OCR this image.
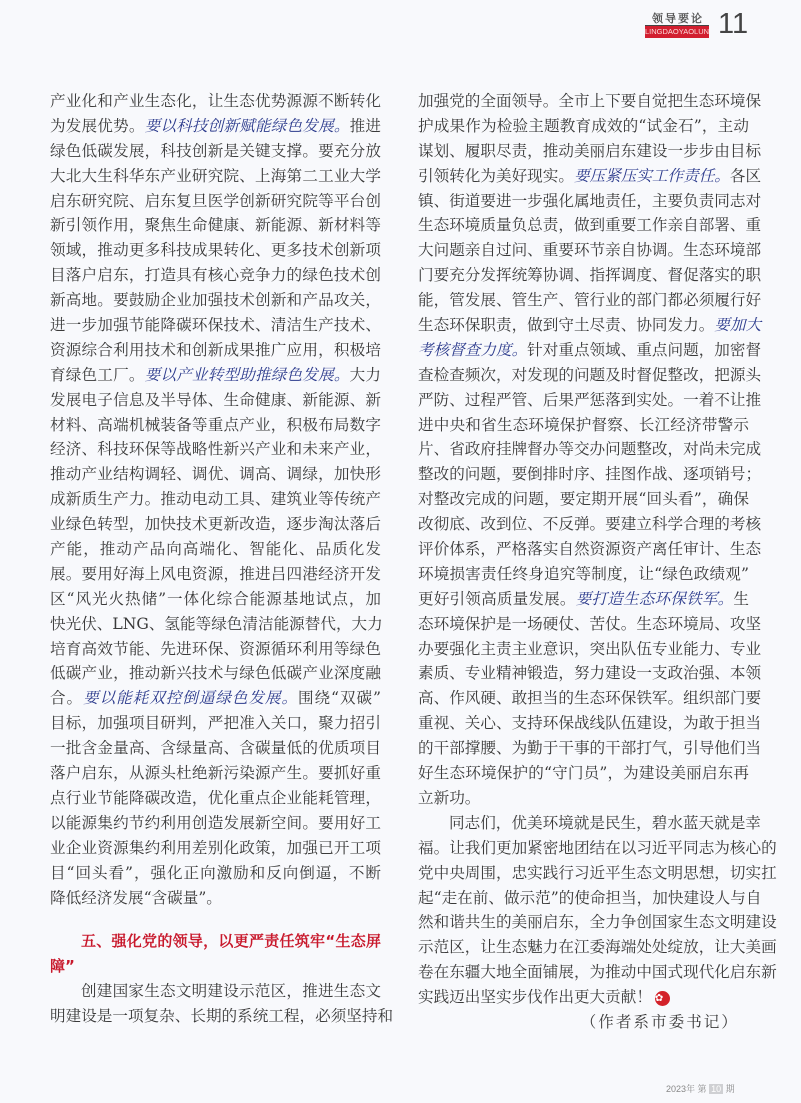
领导要论
LINGDAOYAOLUN 11
产业化和产业生态化，让生态优势源源不断转化
为发展优势。要以科技创新赋能绿色发展。推进
绿色低碳发展，科技创新是关键支撑。要充分放
大北大生科华东产业研究院、上海第二工业大学
启东研究院、启东复旦医学创新研究院等平台创
新引领作用，聚焦生命健康、新能源、新材料等
领域，推动更多科技成果转化、更多技术创新项
目落户启东，打造具有核心竞争力的绿色技术创
新高地。要鼓励企业加强技术创新和产品攻关，
进一步加强节能降碳环保技术、清洁生产技术、
资源综合利用技术和创新成果推广应用，积极培
育绿色工厂。要以产业转型助推绿色发展。大力
发展电子信息及半导体、生命健康、新能源、新
材料、高端机械装备等重点产业，积极布局数字
经济、科技环保等战略性新兴产业和未来产业，
推动产业结构调轻、调优、调高、调绿，加快形
成新质生产力。推动电动工具、建筑业等传统产
业绿色转型，加快技术更新改造，逐步淘汰落后
产能，推动产品向高端化、智能化、品质化发
展。要用好海上风电资源，推进吕四港经济开发
区“风光火热储”一体化综合能源基地试点，加
快光伏、LNG、氢能等绿色清洁能源替代，大力
培育高效节能、先进环保、资源循环利用等绿色
低碳产业，推动新兴技术与绿色低碳产业深度融
合。要以能耗双控倒逼绿色发展。围绕“双碳”
目标，加强项目研判，严把准入关口，聚力招引
一批含金量高、含绿量高、含碳量低的优质项目
落户启东，从源头杜绝新污染源产生。要抓好重
点行业节能降碳改造，优化重点企业能耗管理，
以能源集约节约利用创造发展新空间。要用好工
业企业资源集约利用差别化政策，加强已开工项
目“回头看”，强化正向激励和反向倒逼，不断
降低经济发展“含碳量”。
五、强化党的领导，以更严责任筑牢“生态屏
障”
创建国家生态文明建设示范区，推进生态文
明建设是一项复杂、长期的系统工程，必须坚持和
加强党的全面领导。全市上下要自觉把生态环境保
护成果作为检验主题教育成效的“试金石”，主动
谋划、履职尽责，推动美丽启东建设一步步由目标
引领转化为美好现实。要压紧压实工作责任。各区
镇、街道要进一步强化属地责任，主要负责同志对
生态环境质量负总责，做到重要工作亲自部署、重
大问题亲自过问、重要环节亲自协调。生态环境部
门要充分发挥统筹协调、指挥调度、督促落实的职
能，管发展、管生产、管行业的部门都必须履行好
生态环保职责，做到守土尽责、协同发力。要加大
考核督查力度。针对重点领域、重点问题，加密督
查检查频次，对发现的问题及时督促整改，把源头
严防、过程严管、后果严惩落到实处。一着不让推
进中央和省生态环境保护督察、长江经济带警示
片、省政府挂牌督办等交办问题整改，对尚未完成
整改的问题，要倒排时序、挂图作战、逐项销号；
对整改完成的问题，要定期开展“回头看”，确保
改彻底、改到位、不反弹。要建立科学合理的考核
评价体系，严格落实自然资源资产离任审计、生态
环境损害责任终身追究等制度，让“绿色政绩观”
更好引领高质量发展。要打造生态环保铁军。生
态环境保护是一场硬仗、苦仗。生态环境局、攻坚
办要强化主责主业意识，突出队伍专业能力、专业
素质、专业精神锻造，努力建设一支政治强、本领
高、作风硬、敢担当的生态环保铁军。组织部门要
重视、关心、支持环保战线队伍建设，为敢于担当
的干部撑腰、为勤于干事的干部打气，引导他们当
好生态环境保护的“守门员”，为建设美丽启东再
立新功。
同志们，优美环境就是民生，碧水蓝天就是幸
福。让我们更加紧密地团结在以习近平同志为核心的
党中央周围，忠实践行习近平生态文明思想，切实扛
起“走在前、做示范”的使命担当，加快建设人与自
然和谐共生的美丽启东，全力争创国家生态文明建设
示范区，让生态魅力在江委海端处处绽放，让大美画
卷在东疆大地全面铺展，为推动中国式现代化启东新
实践迈出坚实步伐作出更大贡献！ ✿
（作者系市委书记）
2023年 第 10 期
